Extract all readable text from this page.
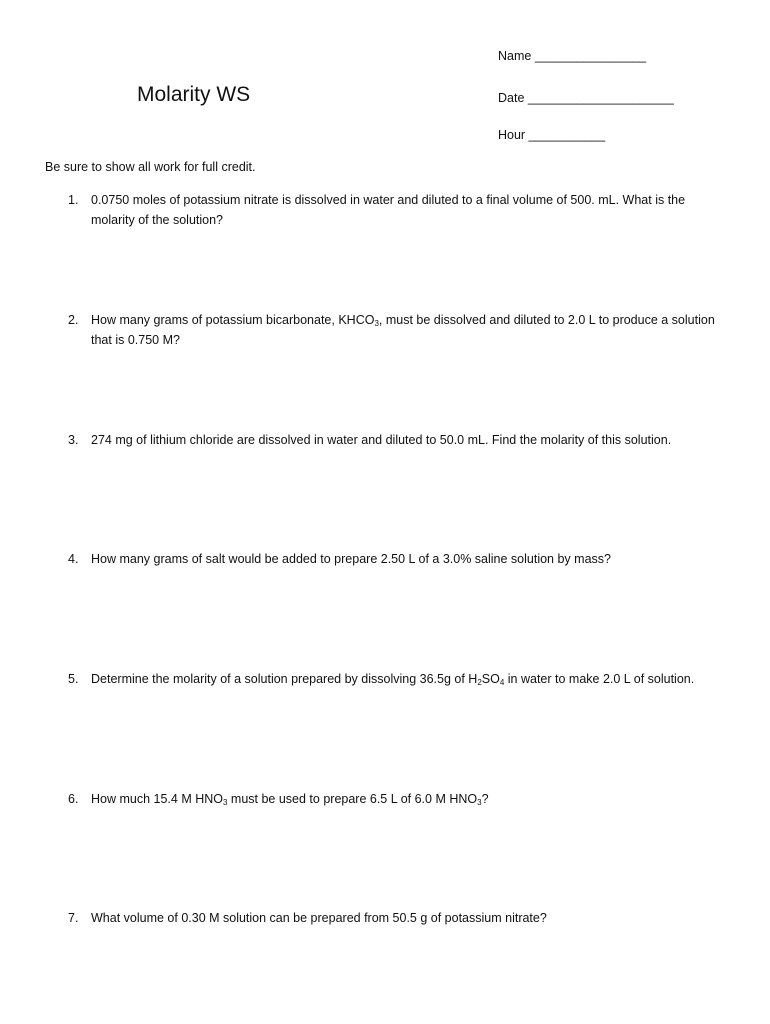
Molarity WS
Name ________________
Date _____________________
Hour ___________
Be sure to show all work for full credit.
1. 0.0750 moles of potassium nitrate is dissolved in water and diluted to a final volume of 500. mL. What is the molarity of the solution?
2. How many grams of potassium bicarbonate, $KHCO_3$, must be dissolved and diluted to 2.0 L to produce a solution that is 0.750 M?
3. 274 mg of lithium chloride are dissolved in water and diluted to 50.0 mL. Find the molarity of this solution.
4. How many grams of salt would be added to prepare 2.50 L of a 3.0% saline solution by mass?
5. Determine the molarity of a solution prepared by dissolving 36.5g of $H_2SO_4$ in water to make 2.0 L of solution.
6. How much 15.4 M $HNO_3$ must be used to prepare 6.5 L of 6.0 M $HNO_3$?
7. What volume of 0.30 M solution can be prepared from 50.5 g of potassium nitrate?
